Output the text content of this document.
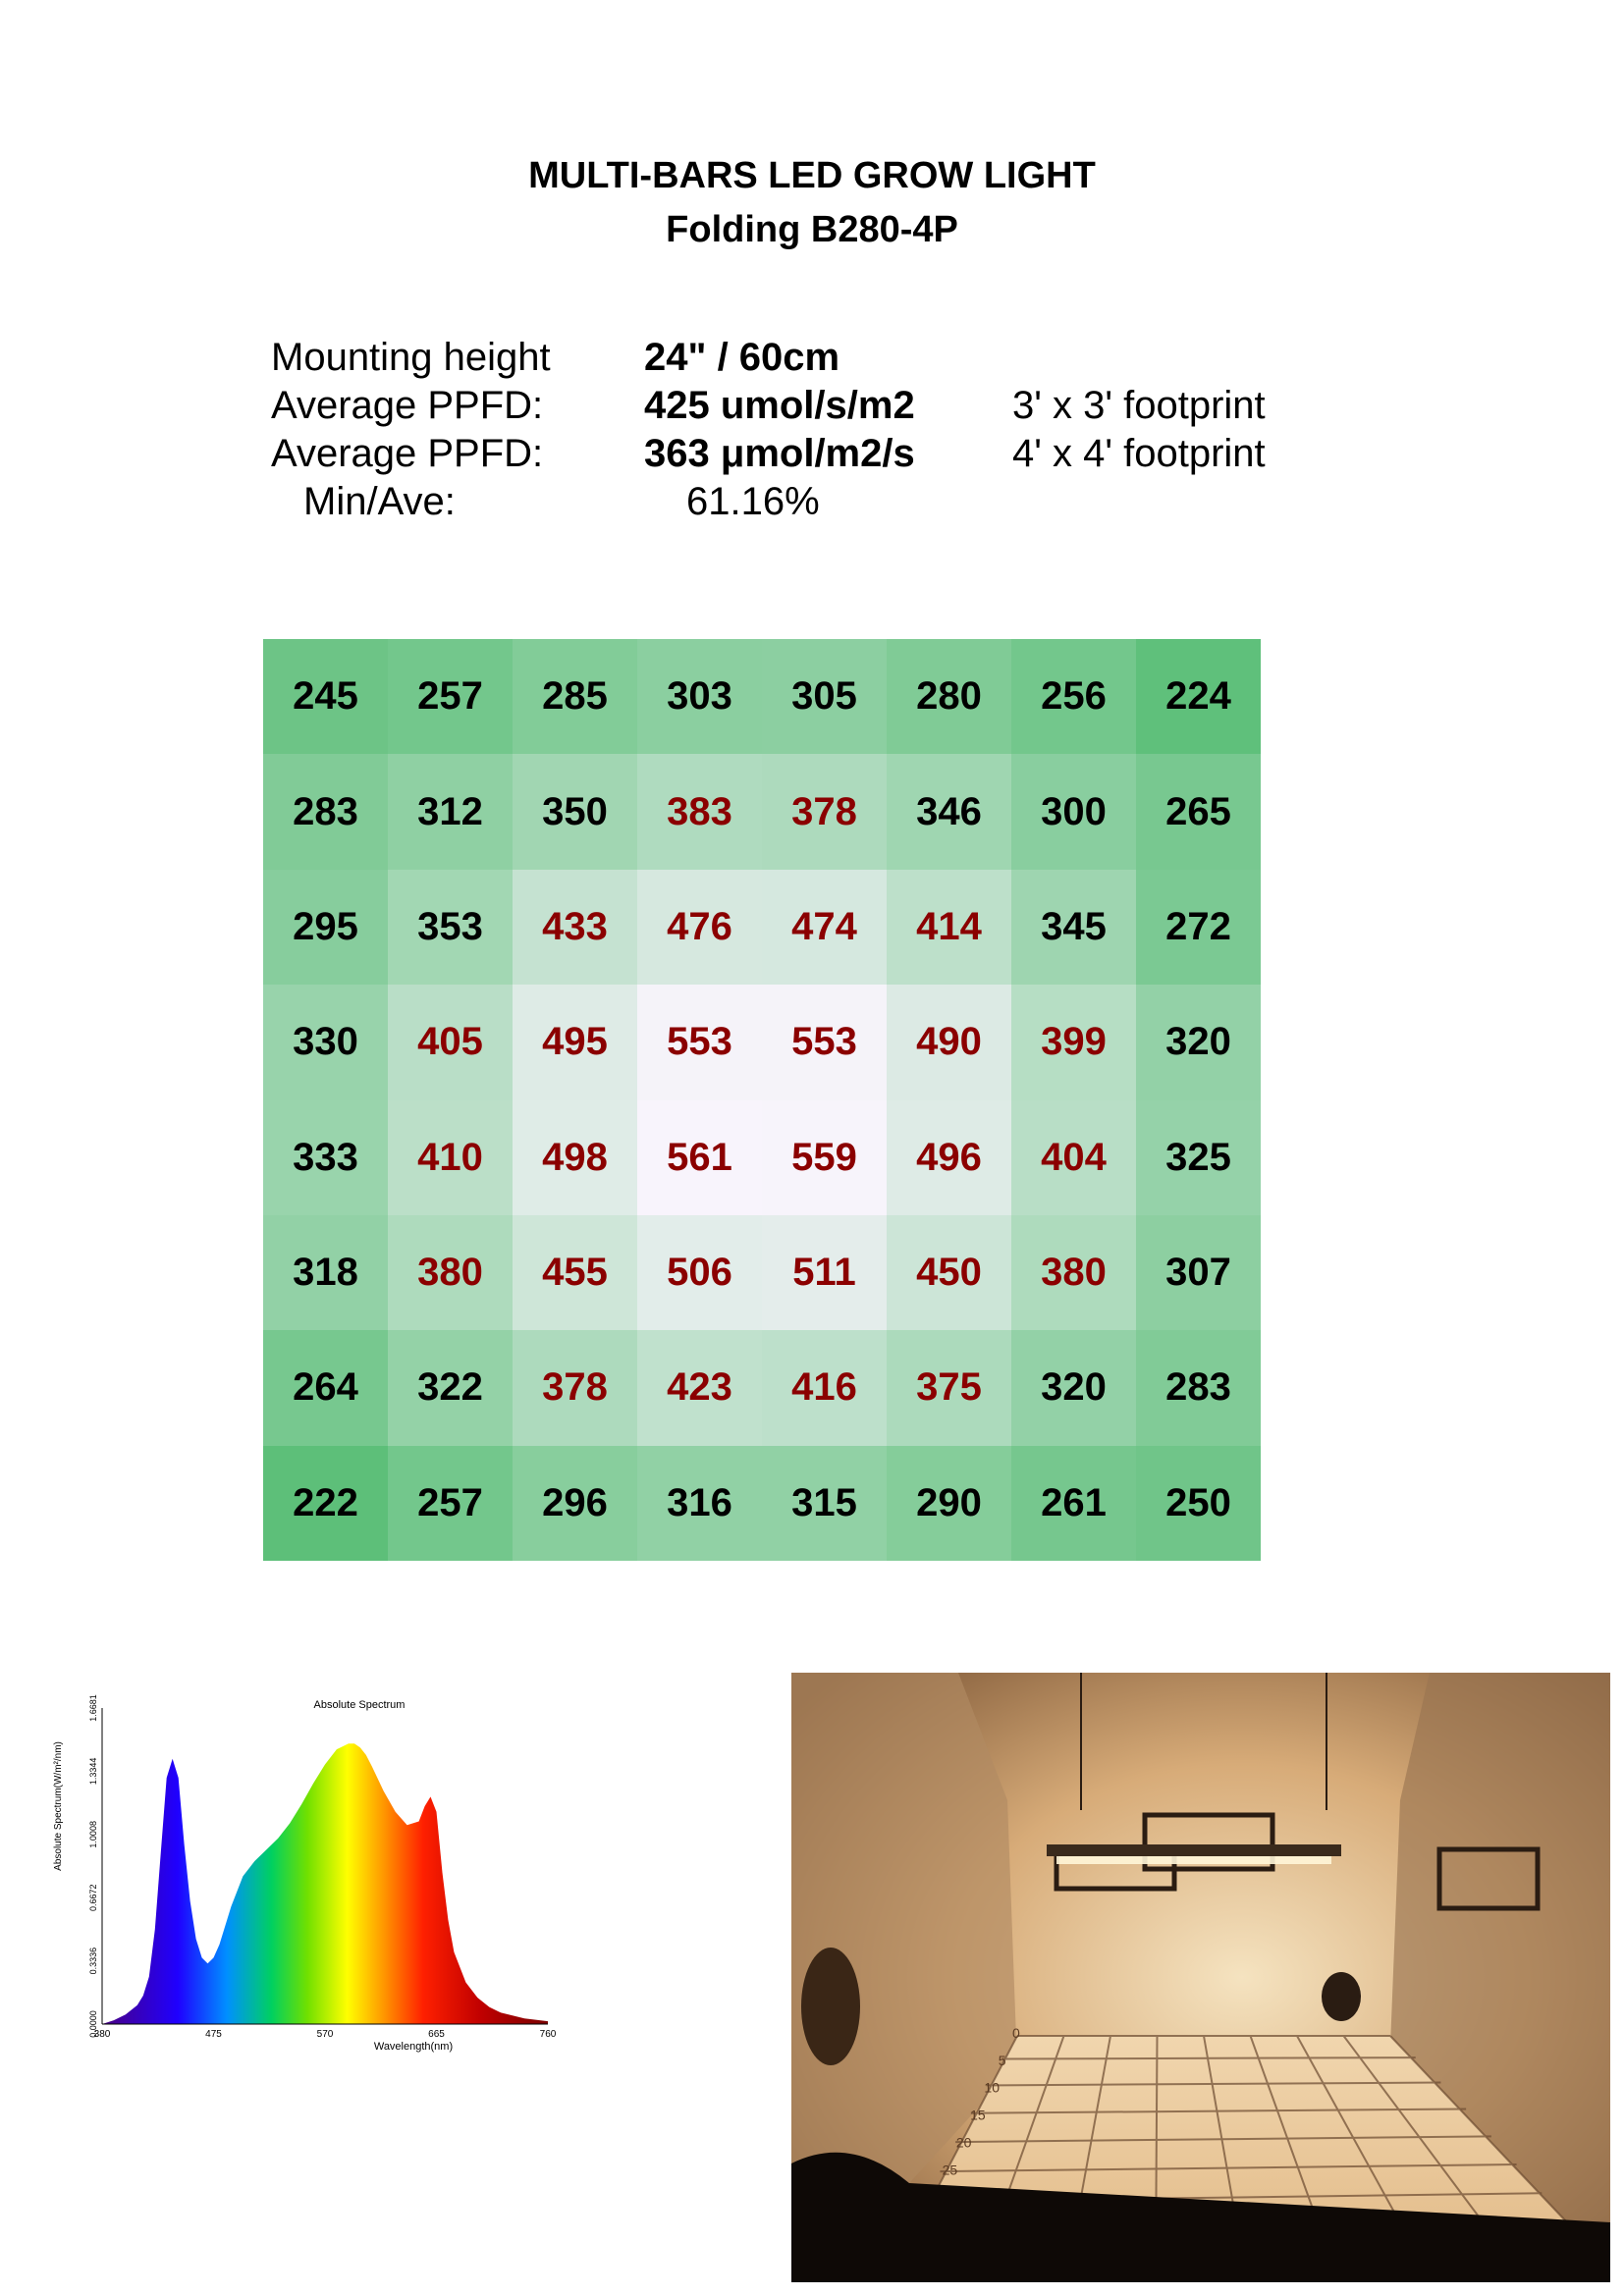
MULTI-BARS LED GROW LIGHT
Folding B280-4P
Mounting height 24" / 60cm
Average PPFD:	425 umol/s/m2 3' x 3' footprint
Average PPFD:	363 μmol/m2/s 4' x 4' footprint
Min/Ave:	61.16%
245	257	285	303	305	280	256	224
283	312	350	383	378	346	300	265
295	353	433	476	474	414	345	272
330	405	495	553	553	490	399	320
333	410	498	561	559	496	404	325
318	380	455	506	511	450	380	307
264	322	378	423	416	375	320	283
222	257	296	316	315	290	261	250
Absolute Spectrum
Absolute Spectrum(W/m²/nm)
Wavelength(nm)
380	475	570	665	760
0.0000
0.3336
0.6672
1.0008
1.3344
1.6681
0
5
10
15
20
25
